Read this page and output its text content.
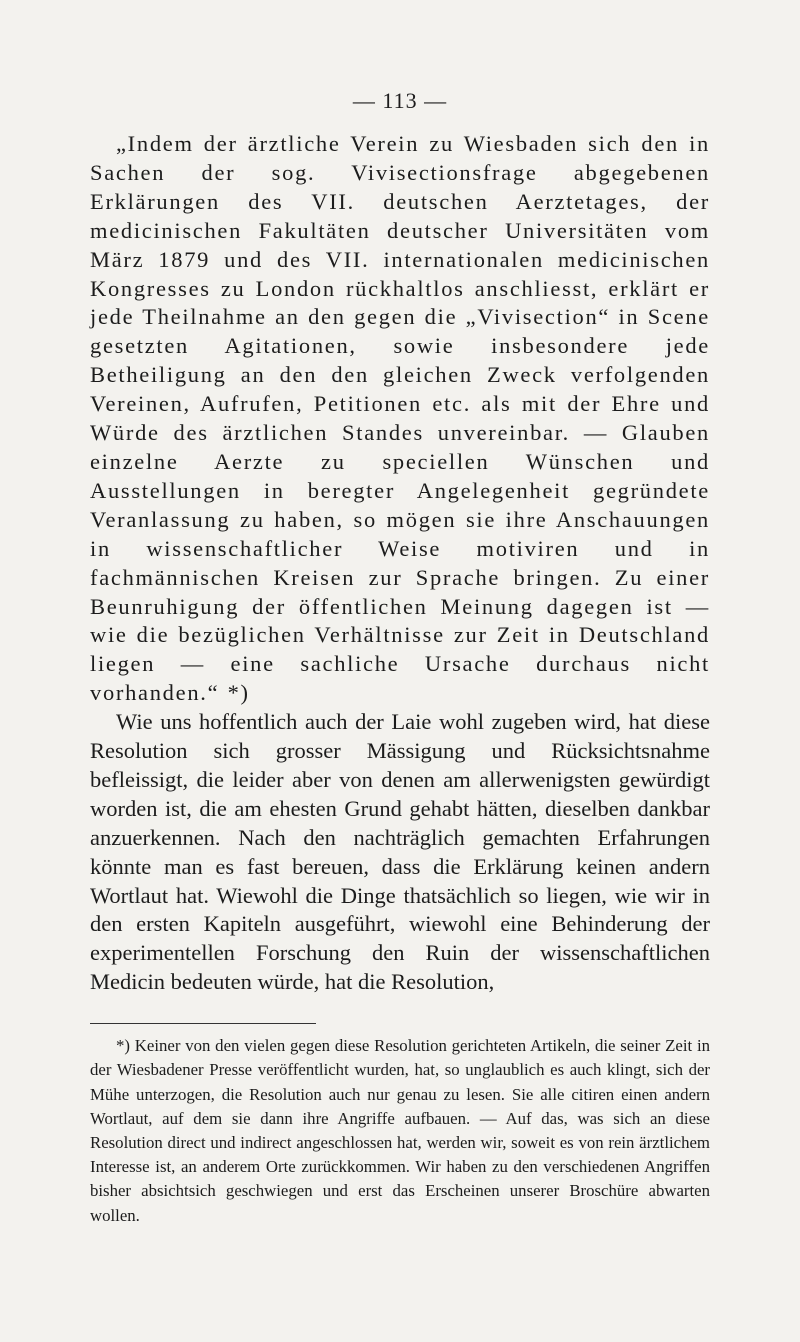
— 113 —

„Indem der ärztliche Verein zu Wiesbaden sich den in Sachen der sog. Vivisectionsfrage abgegebenen Erklärungen des VII. deutschen Aerztetages, der medicinischen Fakultäten deutscher Universitäten vom März 1879 und des VII. internationalen medicinischen Kongresses zu London rückhaltlos anschliesst, erklärt er jede Theilnahme an den gegen die „Vivisection“ in Scene gesetzten Agitationen, sowie insbesondere jede Betheiligung an den den gleichen Zweck verfolgenden Vereinen, Aufrufen, Petitionen etc. als mit der Ehre und Würde des ärztlichen Standes unvereinbar. — Glauben einzelne Aerzte zu speciellen Wünschen und Ausstellungen in beregter Angelegenheit gegründete Veranlassung zu haben, so mögen sie ihre Anschauungen in wissenschaftlicher Weise motiviren und in fachmännischen Kreisen zur Sprache bringen. Zu einer Beunruhigung der öffentlichen Meinung dagegen ist — wie die bezüglichen Verhältnisse zur Zeit in Deutschland liegen — eine sachliche Ursache durchaus nicht vorhanden.“ *)

Wie uns hoffentlich auch der Laie wohl zugeben wird, hat diese Resolution sich grosser Mässigung und Rücksichtsnahme befleissigt, die leider aber von denen am allerwenigsten gewürdigt worden ist, die am ehesten Grund gehabt hätten, dieselben dankbar anzuerkennen. Nach den nachträglich gemachten Erfahrungen könnte man es fast bereuen, dass die Erklärung keinen andern Wortlaut hat. Wiewohl die Dinge thatsächlich so liegen, wie wir in den ersten Kapiteln ausgeführt, wiewohl eine Behinderung der experimentellen Forschung den Ruin der wissenschaftlichen Medicin bedeuten würde, hat die Resolution,

*) Keiner von den vielen gegen diese Resolution gerichteten Artikeln, die seiner Zeit in der Wiesbadener Presse veröffentlicht wurden, hat, so unglaublich es auch klingt, sich der Mühe unterzogen, die Resolution auch nur genau zu lesen. Sie alle citiren einen andern Wortlaut, auf dem sie dann ihre Angriffe aufbauen. — Auf das, was sich an diese Resolution direct und indirect angeschlossen hat, werden wir, soweit es von rein ärztlichem Interesse ist, an anderem Orte zurückkommen. Wir haben zu den verschiedenen Angriffen bisher absichtsich geschwiegen und erst das Erscheinen unserer Broschüre abwarten wollen.
